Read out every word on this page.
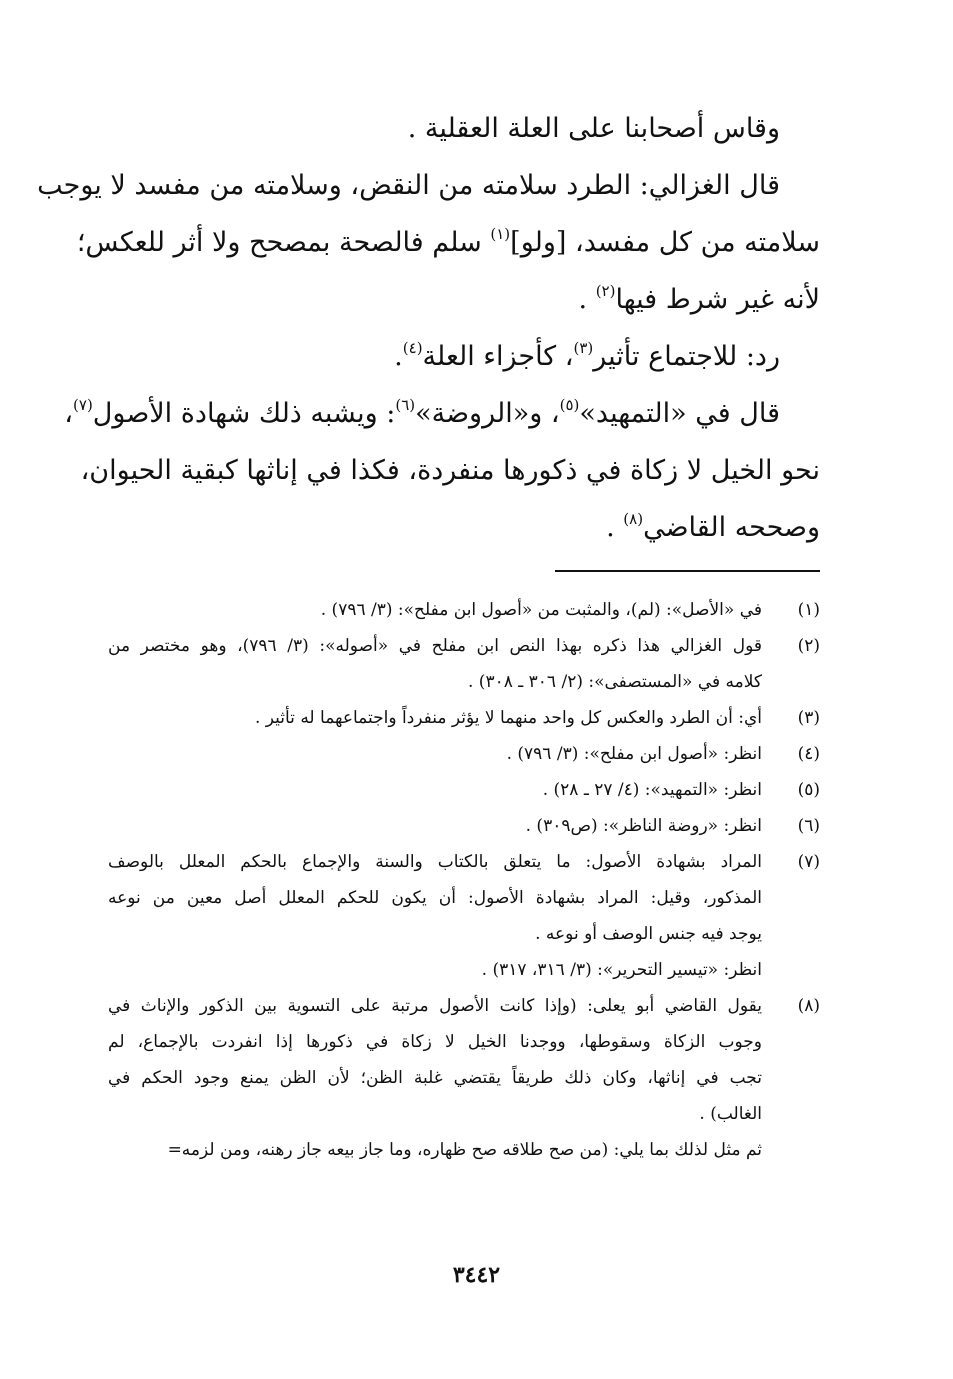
وقاس أصحابنا على العلة العقلية .
قال الغزالي: الطرد سلامته من النقض، وسلامته من مفسد لا يوجب
سلامته من كل مفسد، [ولو]$^{(١)}$ سلم فالصحة بمصحح ولا أثر للعكس؛
لأنه غير شرط فيها$^{(٢)}$ .
رد: للاجتماع تأثير$^{(٣)}$، كأجزاء العلة$^{(٤)}$.
قال في «التمهيد»$^{(٥)}$، و«الروضة»$^{(٦)}$: ويشبه ذلك شهادة الأصول$^{(٧)}$،
نحو الخيل لا زكاة في ذكورها منفردة، فكذا في إناثها كبقية الحيوان،
وصححه القاضي$^{(٨)}$ .
(١)
في «الأصل»: (لم)، والمثبت من «أصول ابن مفلح»: (٣/ ٧٩٦) .
(٢)
قول الغزالي هذا ذكره بهذا النص ابن مفلح في «أصوله»: (٣/ ٧٩٦)، وهو مختصر من
كلامه في «المستصفى»: (٢/ ٣٠٦ ـ ٣٠٨) .
(٣)
أي: أن الطرد والعكس كل واحد منهما لا يؤثر منفرداً واجتماعهما له تأثير .
(٤)
انظر: «أصول ابن مفلح»: (٣/ ٧٩٦) .
(٥)
انظر: «التمهيد»: (٤/ ٢٧ ـ ٢٨) .
(٦)
انظر: «روضة الناظر»: (ص٣٠٩) .
(٧)
المراد بشهادة الأصول: ما يتعلق بالكتاب والسنة والإجماع بالحكم المعلل بالوصف
المذكور، وقيل: المراد بشهادة الأصول: أن يكون للحكم المعلل أصل معين من نوعه
يوجد فيه جنس الوصف أو نوعه .
انظر: «تيسير التحرير»: (٣/ ٣١٦، ٣١٧) .
(٨)
يقول القاضي أبو يعلى: (وإذا كانت الأصول مرتبة على التسوية بين الذكور والإناث في
وجوب الزكاة وسقوطها، ووجدنا الخيل لا زكاة في ذكورها إذا انفردت بالإجماع، لم
تجب في إناثها، وكان ذلك طريقاً يقتضي غلبة الظن؛ لأن الظن يمنع وجود الحكم في
الغالب) .
ثم مثل لذلك بما يلي: (من صح طلاقه صح ظهاره، وما جاز بيعه جاز رهنه، ومن لزمه=
٣٤٤٢
